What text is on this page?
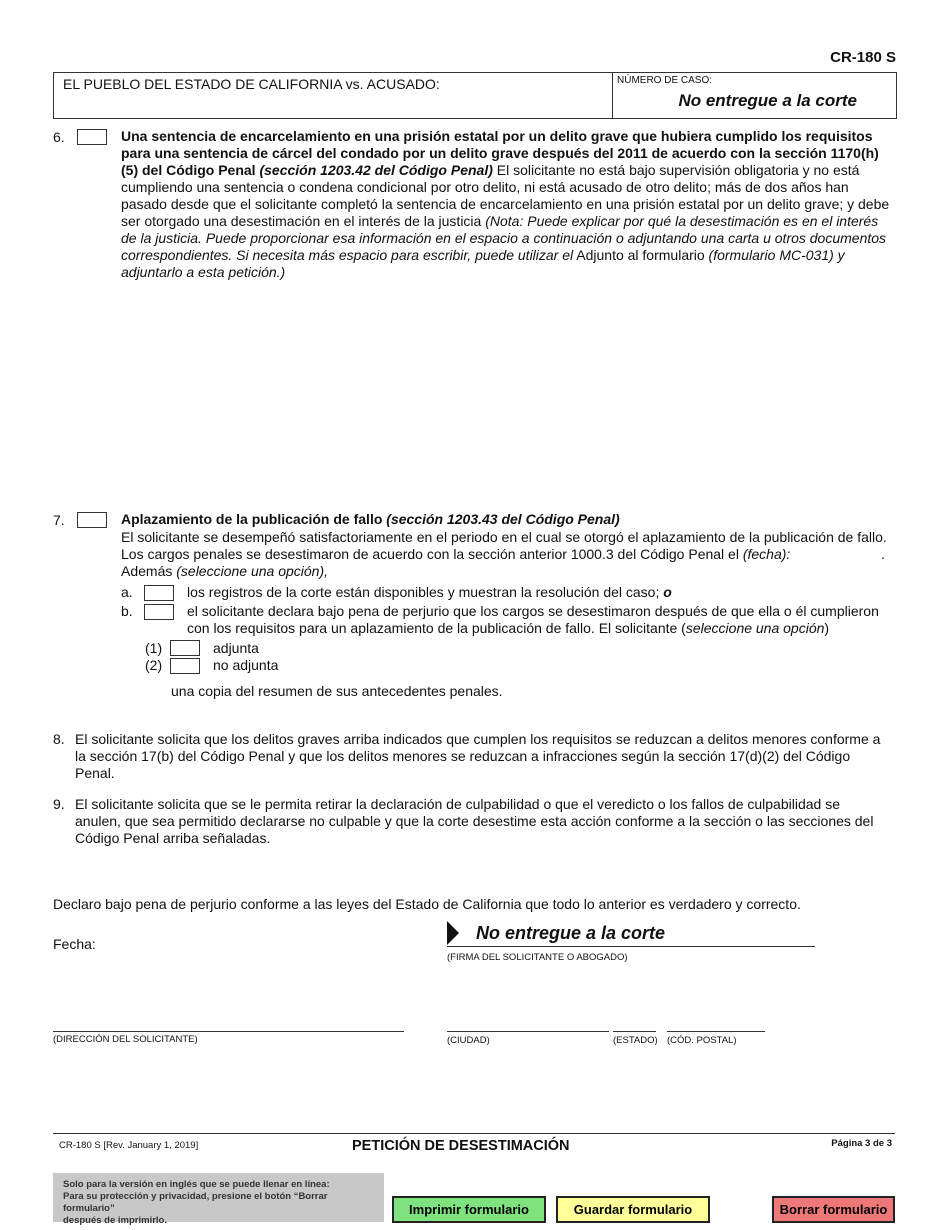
CR-180 S
EL PUEBLO DEL ESTADO DE CALIFORNIA vs. ACUSADO:	NÚMERO DE CASO:
No entregue a la corte
6.	Una sentencia de encarcelamiento en una prisión estatal por un delito grave que hubiera cumplido los requisitos para una sentencia de cárcel del condado por un delito grave después del 2011 de acuerdo con la sección 1170(h)(5) del Código Penal (sección 1203.42 del Código Penal) El solicitante no está bajo supervisión obligatoria y no está cumpliendo una sentencia o condena condicional por otro delito, ni está acusado de otro delito; más de dos años han pasado desde que el solicitante completó la sentencia de encarcelamiento en una prisión estatal por un delito grave; y debe ser otorgado una desestimación en el interés de la justicia (Nota: Puede explicar por qué la desestimación es en el interés de la justicia. Puede proporcionar esa información en el espacio a continuación o adjuntando una carta u otros documentos correspondientes. Si necesita más espacio para escribir, puede utilizar el Adjunto al formulario (formulario MC-031) y adjuntarlo a esta petición.)

7.	Aplazamiento de la publicación de fallo (sección 1203.43 del Código Penal)
El solicitante se desempeñó satisfactoriamente en el periodo en el cual se otorgó el aplazamiento de la publicación de fallo.
Los cargos penales se desestimaron de acuerdo con la sección anterior 1000.3 del Código Penal el (fecha):	.
Además (seleccione una opción),
a.	los registros de la corte están disponibles y muestran la resolución del caso; o
b.	el solicitante declara bajo pena de perjurio que los cargos se desestimaron después de que ella o él cumplieron

con los requisitos para un aplazamiento de la publicación de fallo. El solicitante (seleccione una opción)

(1)	adjunta
(2)	no adjunta
una copia del resumen de sus antecedentes penales.
8. El solicitante solicita que los delitos graves arriba indicados que cumplen los requisitos se reduzcan a delitos menores conforme a la sección 17(b) del Código Penal y que los delitos menores se reduzcan a infracciones según la sección 17(d)(2) del Código Penal.

9. El solicitante solicita que se le permita retirar la declaración de culpabilidad o que el veredicto o los fallos de culpabilidad se anulen, que sea permitido declararse no culpable y que la corte desestime esta acción conforme a la sección o las secciones del Código Penal arriba señaladas.

Declaro bajo pena de perjurio conforme a las leyes del Estado de California que todo lo anterior es verdadero y correcto.
Fecha:
No entregue a la corte
(FIRMA DEL SOLICITANTE O ABOGADO)
(DIRECCIÓN DEL SOLICITANTE)	(CIUDAD)	(ESTADO) (CÓD. POSTAL)
CR-180 S [Rev. January 1, 2019]	PETICIÓN DE DESESTIMACIÓN	Página 3 de 3
Solo para la versión en inglés que se puede llenar en línea:
Para su protección y privacidad, presione el botón “Borrar formulario”
después de imprimirlo.
Imprimir formulario	Guardar formulario	Borrar formulario
